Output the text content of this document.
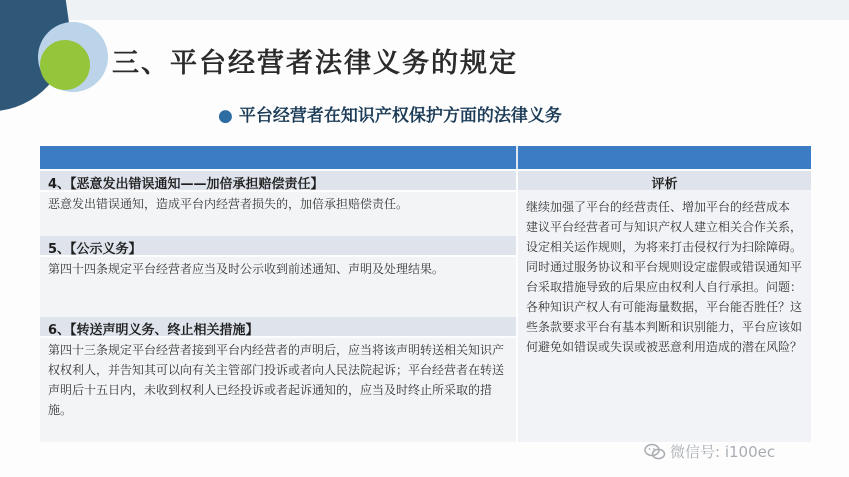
三、平台经营者法律义务的规定
● 平台经营者在知识产权保护方面的法律义务
4、【恶意发出错误通知——加倍承担赔偿责任】
恶意发出错误通知，造成平台内经营者损失的，加倍承担赔偿责任。
5、【公示义务】
第四十四条规定平台经营者应当及时公示收到前述通知、声明及处理结果。
6、【转送声明义务、终止相关措施】
第四十三条规定平台经营者接到平台内经营者的声明后，应当将该声明转送相关知识产权权利人，并告知其可以向有关主管部门投诉或者向人民法院起诉；平台经营者在转送声明后十五日内，未收到权利人已经投诉或者起诉通知的，应当及时终止所采取的措施。
评析
继续加强了平台的经营责任、增加平台的经营成本
建议平台经营者可与知识产权人建立相关合作关系，设定相关运作规则，为将来打击侵权行为扫除障碍。同时通过服务协议和平台规则设定虚假或错误通知平台采取措施导致的后果应由权利人自行承担。问题：各种知识产权人有可能海量数据，平台能否胜任？这些条款要求平台有基本判断和识别能力，平台应该如何避免如错误或失误或被恶意利用造成的潜在风险？
微信号: i100ec
